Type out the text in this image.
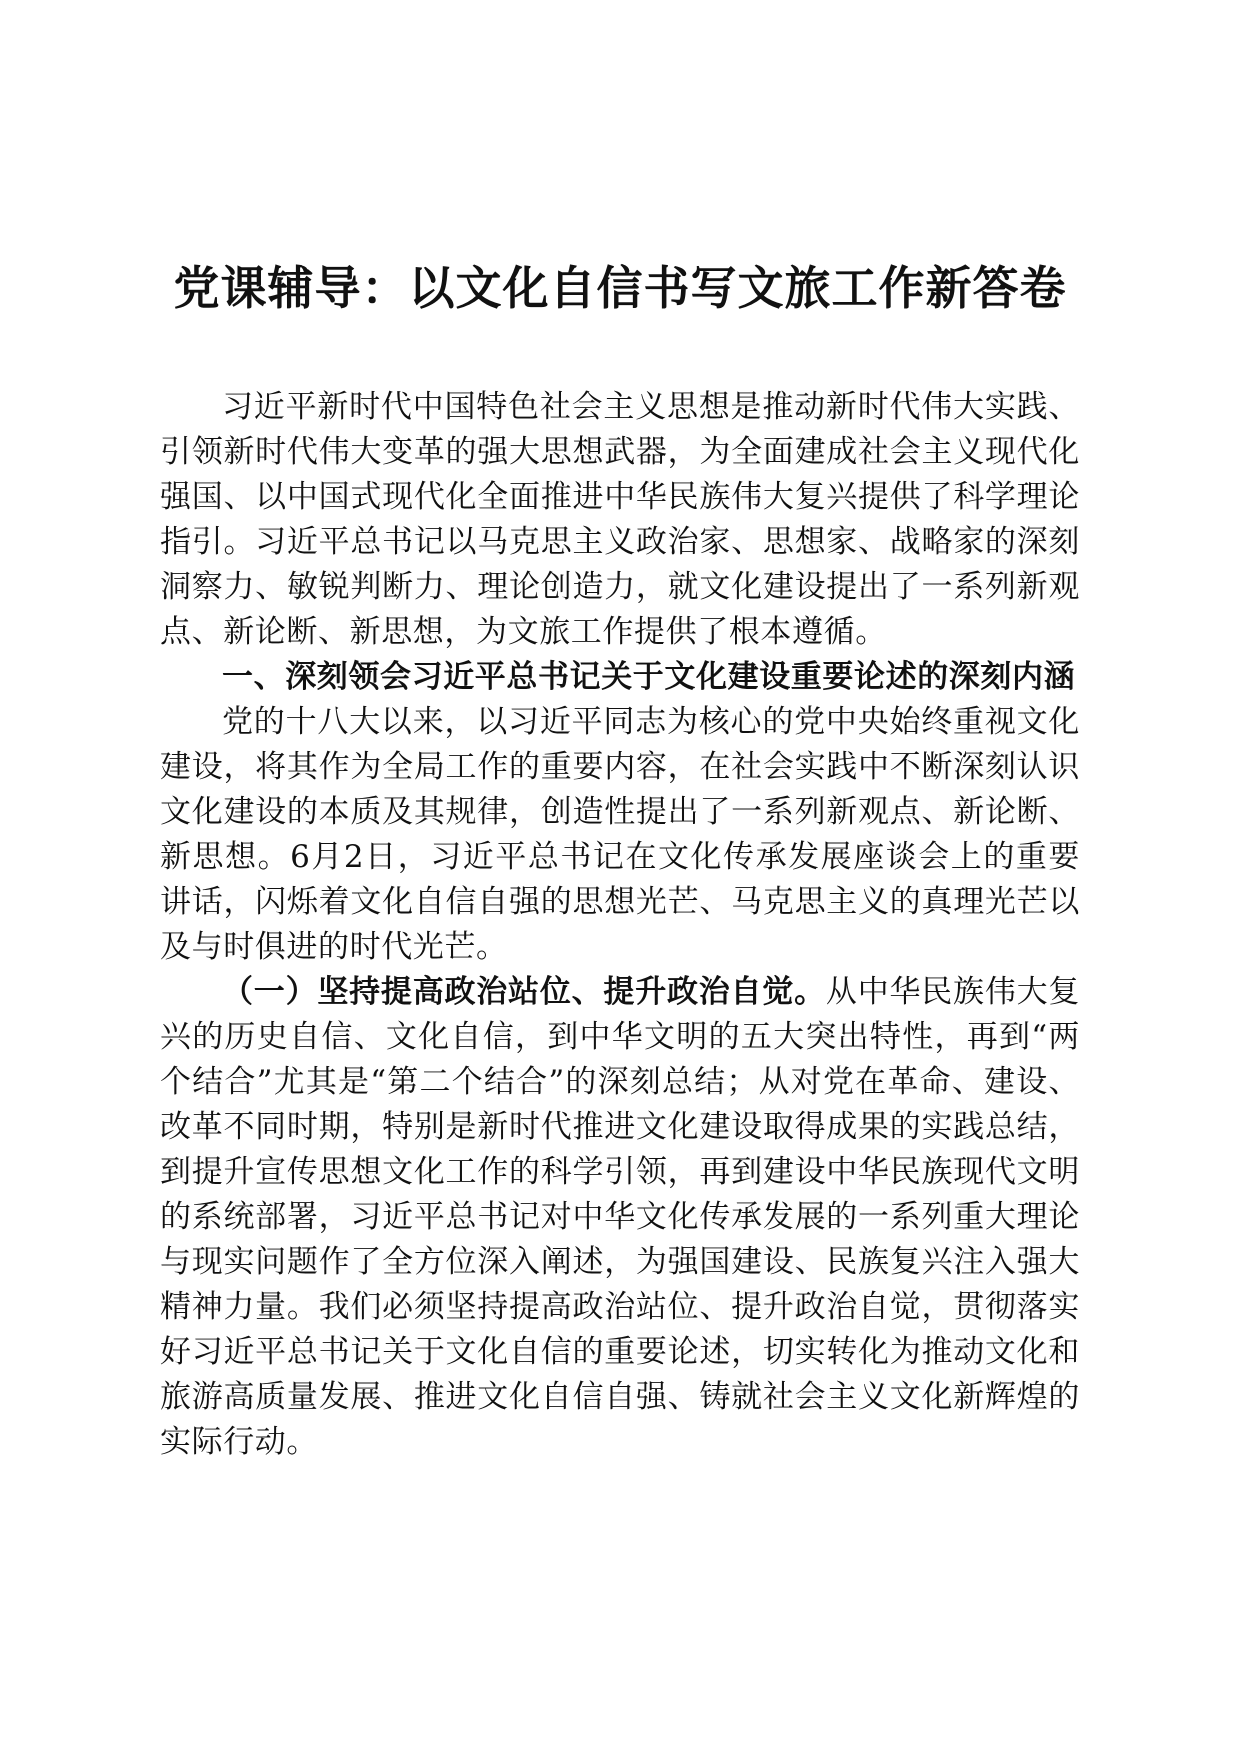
党课辅导：以文化自信书写文旅工作新答卷

习近平新时代中国特色社会主义思想是推动新时代伟大实践、引领新时代伟大变革的强大思想武器，为全面建成社会主义现代化强国、以中国式现代化全面推进中华民族伟大复兴提供了科学理论指引。习近平总书记以马克思主义政治家、思想家、战略家的深刻洞察力、敏锐判断力、理论创造力，就文化建设提出了一系列新观点、新论断、新思想，为文旅工作提供了根本遵循。

一、深刻领会习近平总书记关于文化建设重要论述的深刻内涵

党的十八大以来，以习近平同志为核心的党中央始终重视文化建设，将其作为全局工作的重要内容，在社会实践中不断深刻认识文化建设的本质及其规律，创造性提出了一系列新观点、新论断、新思想。6月2日，习近平总书记在文化传承发展座谈会上的重要讲话，闪烁着文化自信自强的思想光芒、马克思主义的真理光芒以及与时俱进的时代光芒。

（一）坚持提高政治站位、提升政治自觉。从中华民族伟大复兴的历史自信、文化自信，到中华文明的五大突出特性，再到“两个结合”尤其是“第二个结合”的深刻总结；从对党在革命、建设、改革不同时期，特别是新时代推进文化建设取得成果的实践总结，到提升宣传思想文化工作的科学引领，再到建设中华民族现代文明的系统部署，习近平总书记对中华文化传承发展的一系列重大理论与现实问题作了全方位深入阐述，为强国建设、民族复兴注入强大精神力量。我们必须坚持提高政治站位、提升政治自觉，贯彻落实好习近平总书记关于文化自信的重要论述，切实转化为推动文化和旅游高质量发展、推进文化自信自强、铸就社会主义文化新辉煌的实际行动。
